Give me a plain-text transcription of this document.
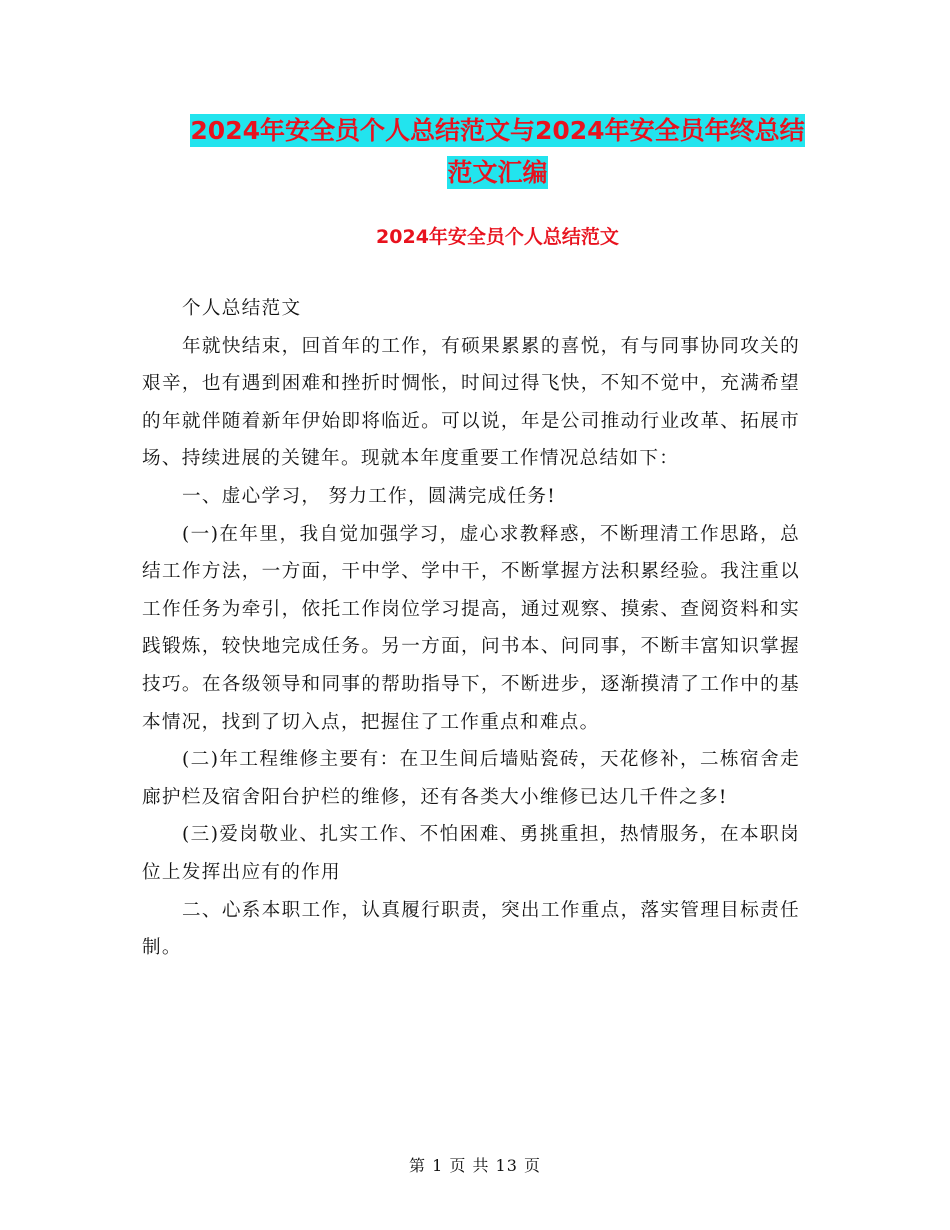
2024年安全员个人总结范文与2024年安全员年终总结
范文汇编
2024年安全员个人总结范文

个人总结范文

年就快结束，回首年的工作，有硕果累累的喜悦，有与同事协同攻关的艰辛，也有遇到困难和挫折时惆怅，时间过得飞快，不知不觉中，充满希望的年就伴随着新年伊始即将临近。可以说，年是公司推动行业改革、拓展市场、持续进展的关键年。现就本年度重要工作情况总结如下：

一、虚心学习， 努力工作，圆满完成任务!

(一)在年里，我自觉加强学习，虚心求教释惑，不断理清工作思路，总结工作方法，一方面，干中学、学中干，不断掌握方法积累经验。我注重以工作任务为牵引，依托工作岗位学习提高，通过观察、摸索、查阅资料和实践锻炼，较快地完成任务。另一方面，问书本、问同事，不断丰富知识掌握技巧。在各级领导和同事的帮助指导下，不断进步，逐渐摸清了工作中的基本情况，找到了切入点，把握住了工作重点和难点。

(二)年工程维修主要有：在卫生间后墙贴瓷砖，天花修补，二栋宿舍走廊护栏及宿舍阳台护栏的维修，还有各类大小维修已达几千件之多!

(三)爱岗敬业、扎实工作、不怕困难、勇挑重担，热情服务，在本职岗位上发挥出应有的作用

二、心系本职工作，认真履行职责，突出工作重点，落实管理目标责任制。

第 1 页 共 13 页
